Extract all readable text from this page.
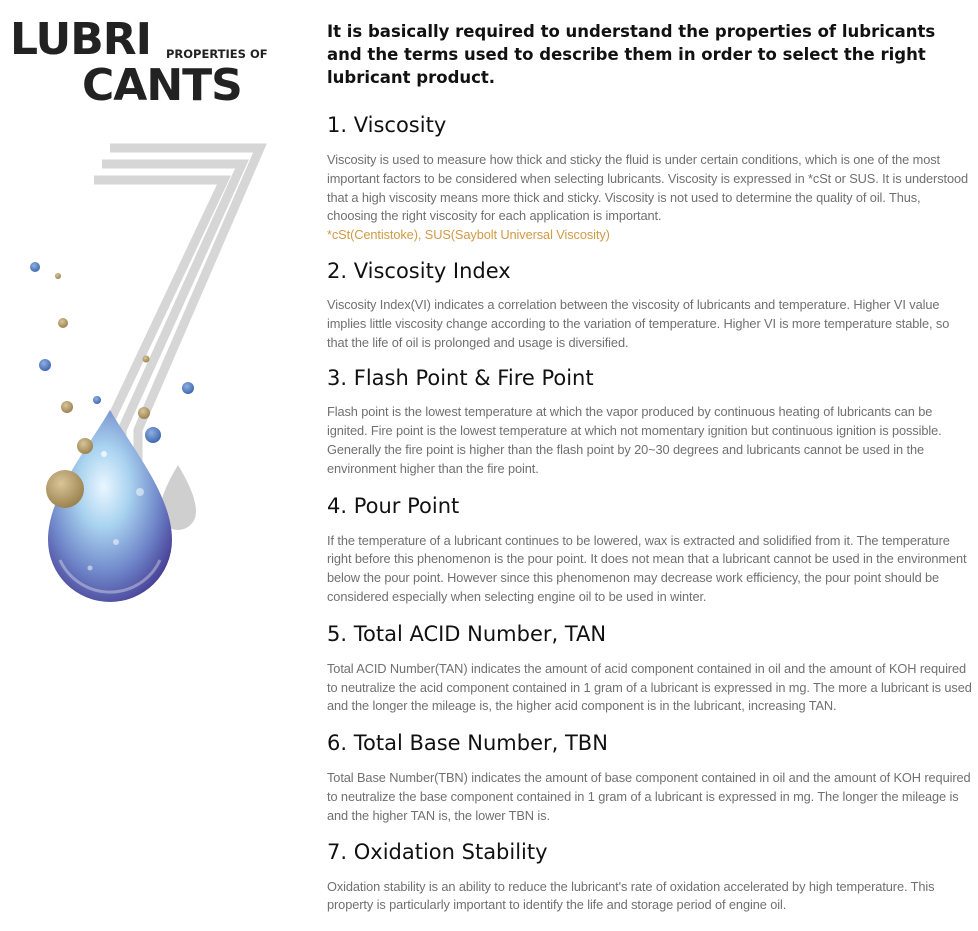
LUBRI PROPERTIES OF
CANTS

It is basically required to understand the properties of lubricants and the terms used to describe them in order to select the right lubricant product.

1. Viscosity

Viscosity is used to measure how thick and sticky the fluid is under certain conditions, which is one of the most important factors to be considered when selecting lubricants. Viscosity is expressed in *cSt or SUS. It is understood that a high viscosity means more thick and sticky. Viscosity is not used to determine the quality of oil. Thus, choosing the right viscosity for each application is important.

*cSt(Centistoke), SUS(Saybolt Universal Viscosity)

2. Viscosity Index

Viscosity Index(VI) indicates a correlation between the viscosity of lubricants and temperature. Higher VI value implies little viscosity change according to the variation of temperature. Higher VI is more temperature stable, so that the life of oil is prolonged and usage is diversified.

3. Flash Point & Fire Point

Flash point is the lowest temperature at which the vapor produced by continuous heating of lubricants can be ignited. Fire point is the lowest temperature at which not momentary ignition but continuous ignition is possible. Generally the fire point is higher than the flash point by 20~30 degrees and lubricants cannot be used in the environment higher than the fire point.

4. Pour Point

If the temperature of a lubricant continues to be lowered, wax is extracted and solidified from it. The temperature right before this phenomenon is the pour point. It does not mean that a lubricant cannot be used in the environment below the pour point. However since this phenomenon may decrease work efficiency, the pour point should be considered especially when selecting engine oil to be used in winter.

5. Total ACID Number, TAN

Total ACID Number(TAN) indicates the amount of acid component contained in oil and the amount of KOH required to neutralize the acid component contained in 1 gram of a lubricant is expressed in mg. The more a lubricant is used and the longer the mileage is, the higher acid component is in the lubricant, increasing TAN.

6. Total Base Number, TBN

Total Base Number(TBN) indicates the amount of base component contained in oil and the amount of KOH required to neutralize the base component contained in 1 gram of a lubricant is expressed in mg. The longer the mileage is and the higher TAN is, the lower TBN is.

7. Oxidation Stability

Oxidation stability is an ability to reduce the lubricant's rate of oxidation accelerated by high temperature. This property is particularly important to identify the life and storage period of engine oil.
